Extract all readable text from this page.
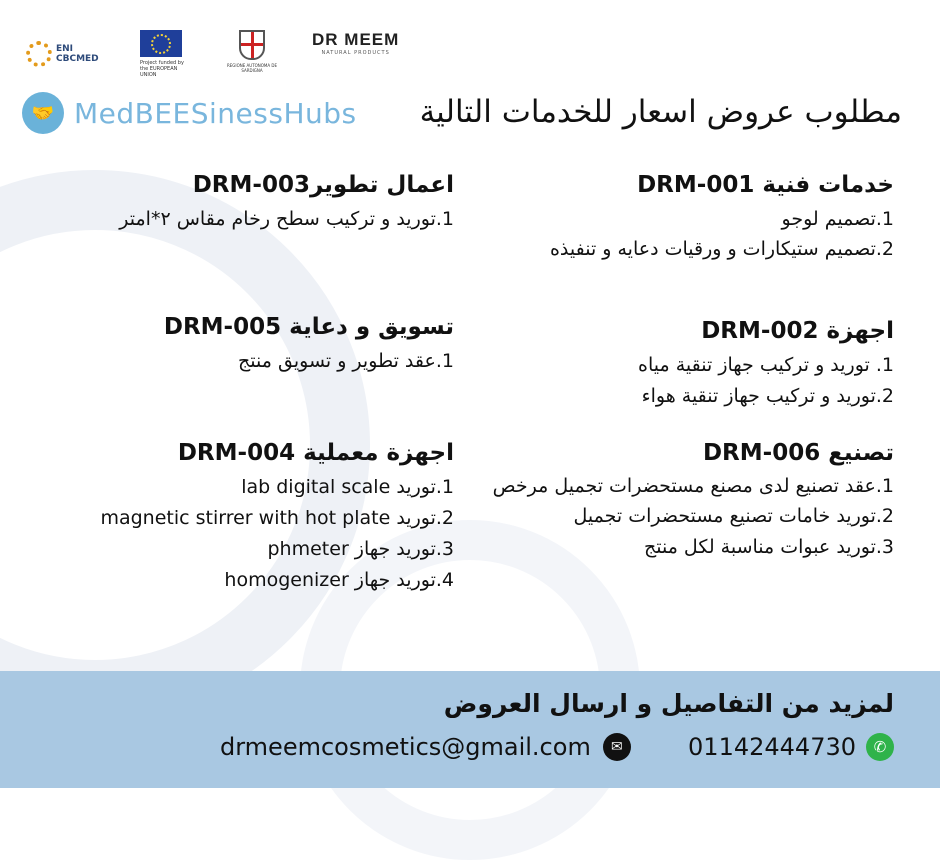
ENI
CBCMED	Project funded by the EUROPEAN UNION
REGIONE AUTONOMA DE SARDIGNA
DR MEEM
NATURAL PRODUCTS
🤝 MedBEESinessHubs مطلوب عروض اسعار للخدمات التالية
خدمات فنية DRM-001
1.تصميم لوجو
2.تصميم ستيكارات و ورقيات دعايه و تنفيذه
اجهزة DRM-002
1. توريد و تركيب جهاز تنقية مياه
2.توريد و تركيب جهاز تنقية هواء
تصنيع DRM-006
1.عقد تصنيع لدى مصنع مستحضرات تجميل مرخص
2.توريد خامات تصنيع مستحضرات تجميل
3.توريد عبوات مناسبة لكل منتج
اعمال تطويرDRM-003
1.توريد و تركيب سطح رخام مقاس ٢*امتر
تسويق و دعاية DRM-005
1.عقد تطوير و تسويق منتج
اجهزة معملية DRM-004
1.توريد lab digital scale
2.توريد magnetic stirrer with hot plate
3.توريد جهاز phmeter
4.توريد جهاز homogenizer
لمزيد من التفاصيل و ارسال العروض
01142444730	✆
drmeemcosmetics@gmail.com	✉
